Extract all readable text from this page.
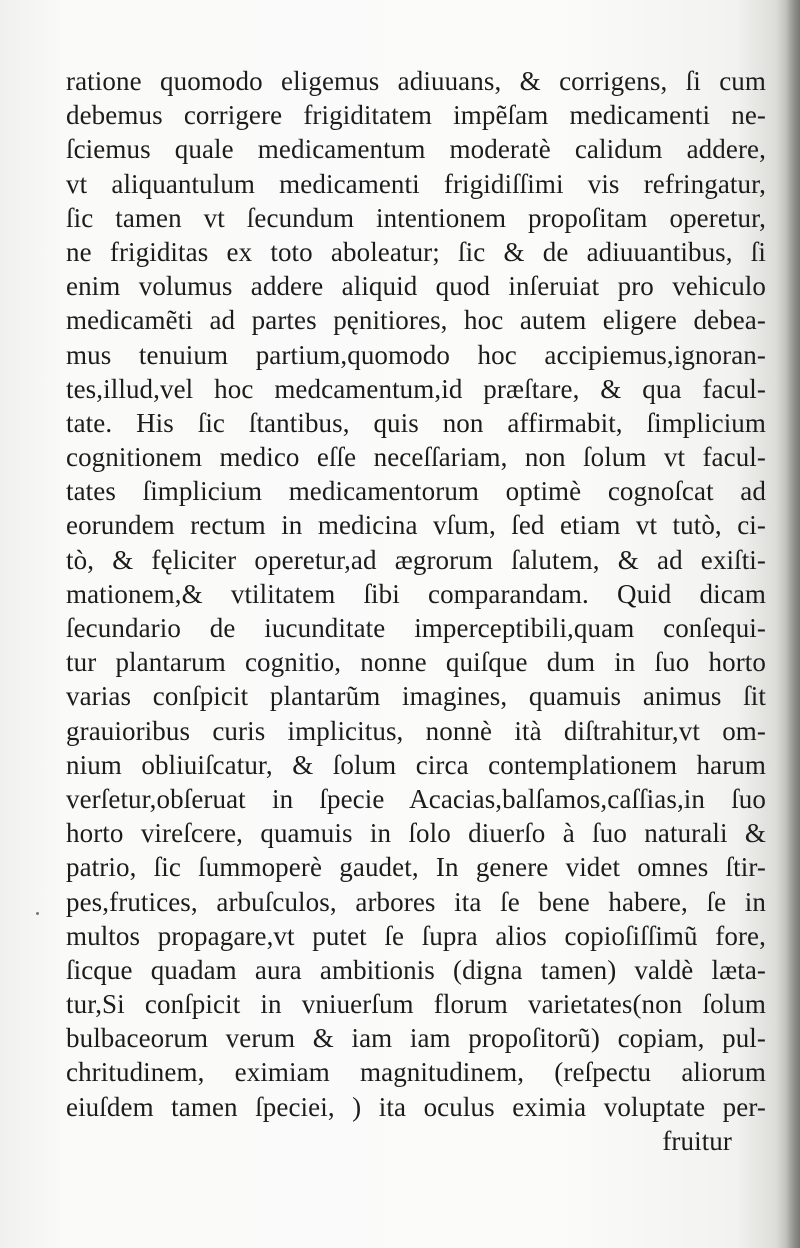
ratione quomodo eligemus adiuuans, & corrigens, ſi cum
debemus corrigere frigiditatem impẽſam medicamenti ne-
ſciemus quale medicamentum moderatè calidum addere,
vt aliquantulum medicamenti frigidiſſimi vis refringatur,
ſic tamen vt ſecundum intentionem propoſitam operetur,
ne frigiditas ex toto aboleatur; ſic & de adiuuantibus, ſi
enim volumus addere aliquid quod inſeruiat pro vehiculo
medicamẽti ad partes pęnitiores, hoc autem eligere debea-
mus tenuium partium,quomodo hoc accipiemus,ignoran-
tes,illud,vel hoc medcamentum,id præſtare, & qua facul-
tate. His ſic ſtantibus, quis non affirmabit, ſimplicium
cognitionem medico eſſe neceſſariam, non ſolum vt facul-
tates ſimplicium medicamentorum optimè cognoſcat ad
eorundem rectum in medicina vſum, ſed etiam vt tutò, ci-
tò, & fęliciter operetur,ad ægrorum ſalutem, & ad exiſti-
mationem,& vtilitatem ſibi comparandam. Quid dicam
ſecundario de iucunditate imperceptibili,quam conſequi-
tur plantarum cognitio, nonne quiſque dum in ſuo horto
varias conſpicit plantarũm imagines, quamuis animus ſit
grauioribus curis implicitus, nonnè ità diſtrahitur,vt om-
nium obliuiſcatur, & ſolum circa contemplationem harum
verſetur,obſeruat in ſpecie Acacias,balſamos,caſſias,in ſuo
horto vireſcere, quamuis in ſolo diuerſo à ſuo naturali &
patrio, ſic ſummoperè gaudet, In genere videt omnes ſtir-
pes,frutices, arbuſculos, arbores ita ſe bene habere, ſe in
multos propagare,vt putet ſe ſupra alios copioſiſſimũ fore,
ſicque quadam aura ambitionis (digna tamen) valdè læta-
tur,Si conſpicit in vniuerſum florum varietates(non ſolum
bulbaceorum verum & iam iam propoſitorũ) copiam, pul-
chritudinem, eximiam magnitudinem, (reſpectu aliorum
eiuſdem tamen ſpeciei, ) ita oculus eximia voluptate per-
fruitur
